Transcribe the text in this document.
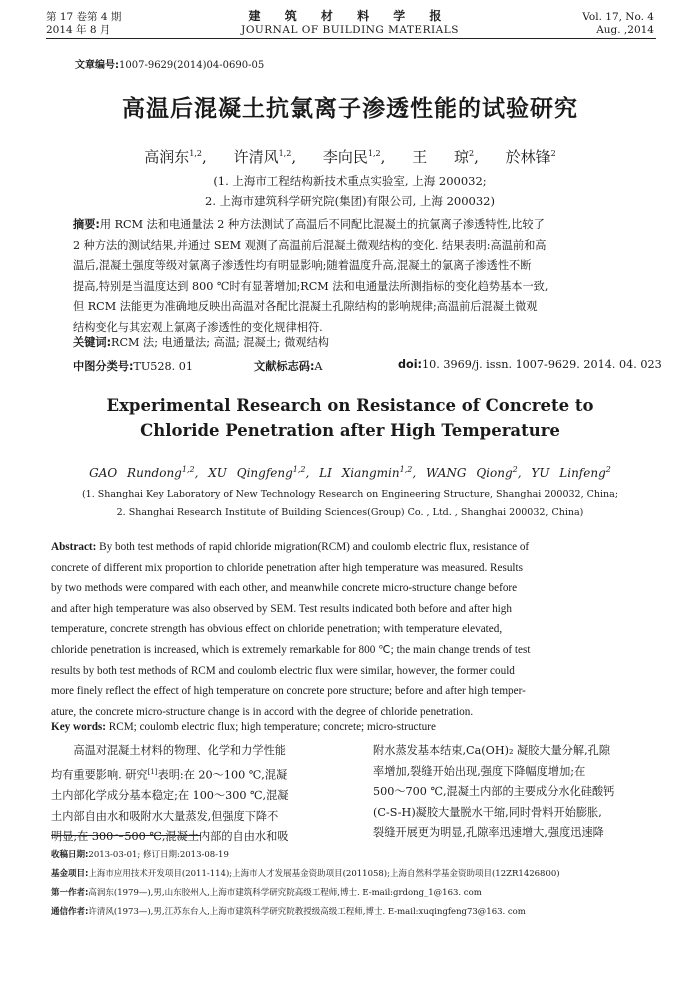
第 17 卷第 4 期
2014 年 8 月
建 筑 材 料 学 报
JOURNAL OF BUILDING MATERIALS
Vol. 17, No. 4
Aug. ,2014
文章编号:1007-9629(2014)04-0690-05
高温后混凝土抗氯离子渗透性能的试验研究
高润东$^{1,2}$, 许清风$^{1,2}$, 李向民$^{1,2}$, 王 琼$^2$, 於林锋$^2$
(1. 上海市工程结构新技术重点实验室, 上海 200032;
2. 上海市建筑科学研究院(集团)有限公司, 上海 200032)
摘要:用 RCM 法和电通量法 2 种方法测试了高温后不同配比混凝土的抗氯离子渗透特性,比较了
2 种方法的测试结果,并通过 SEM 观测了高温前后混凝土微观结构的变化. 结果表明:高温前和高
温后,混凝土强度等级对氯离子渗透性均有明显影响;随着温度升高,混凝土的氯离子渗透性不断
提高,特别是当温度达到 800 ℃时有显著增加;RCM 法和电通量法所测指标的变化趋势基本一致,
但 RCM 法能更为准确地反映出高温对各配比混凝土孔隙结构的影响规律;高温前后混凝土微观
结构变化与其宏观上氯离子渗透性的变化规律相符.
关键词:RCM 法; 电通量法; 高温; 混凝土; 微观结构
中图分类号:TU528. 01	文献标志码:A	doi:10. 3969/j. issn. 1007-9629. 2014. 04. 023
Experimental Research on Resistance of Concrete to
Chloride Penetration after High Temperature
GAO Rundong$^{1,2}$, XU Qingfeng$^{1,2}$, LI Xiangmin$^{1,2}$, WANG Qiong$^2$, YU Linfeng$^2$
(1. Shanghai Key Laboratory of New Technology Research on Engineering Structure, Shanghai 200032, China;
2. Shanghai Research Institute of Building Sciences(Group) Co. , Ltd. , Shanghai 200032, China)
Abstract: By both test methods of rapid chloride migration(RCM) and coulomb electric flux, resistance of
concrete of different mix proportion to chloride penetration after high temperature was measured. Results
by two methods were compared with each other, and meanwhile concrete micro-structure change before
and after high temperature was also observed by SEM. Test results indicated both before and after high
temperature, concrete strength has obvious effect on chloride penetration; with temperature elevated,
chloride penetration is increased, which is extremely remarkable for 800 ℃; the main change trends of test
results by both test methods of RCM and coulomb electric flux were similar, however, the former could
more finely reflect the effect of high temperature on concrete pore structure; before and after high temper-
ature, the concrete micro-structure change is in accord with the degree of chloride penetration.
Key words: RCM; coulomb electric flux; high temperature; concrete; micro-structure
　　高温对混凝土材料的物理、化学和力学性能
均有重要影响. 研究[1]表明:在 20～100 ℃,混凝
土内部化学成分基本稳定;在 100～300 ℃,混凝
土内部自由水和吸附水大量蒸发,但强度下降不
明显;在 300～500 ℃,混凝土内部的自由水和吸
附水蒸发基本结束,Ca(OH)₂ 凝胶大量分解,孔隙
率增加,裂缝开始出现,强度下降幅度增加;在
500～700 ℃,混凝土内部的主要成分水化硅酸钙
(C-S-H)凝胶大量脱水干缩,同时骨料开始膨胀,
裂缝开展更为明显,孔隙率迅速增大,强度迅速降
收稿日期:2013-03-01; 修订日期:2013-08-19
基金项目:上海市应用技术开发项目(2011-114);上海市人才发展基金资助项目(2011058);上海自然科学基金资助项目(12ZR1426800)
第一作者:高润东(1979—),男,山东胶州人,上海市建筑科学研究院高级工程师,博士. E-mail:grdong_1@163. com
通信作者:许清风(1973—),男,江苏东台人,上海市建筑科学研究院教授级高级工程师,博士. E-mail:xuqingfeng73@163. com
